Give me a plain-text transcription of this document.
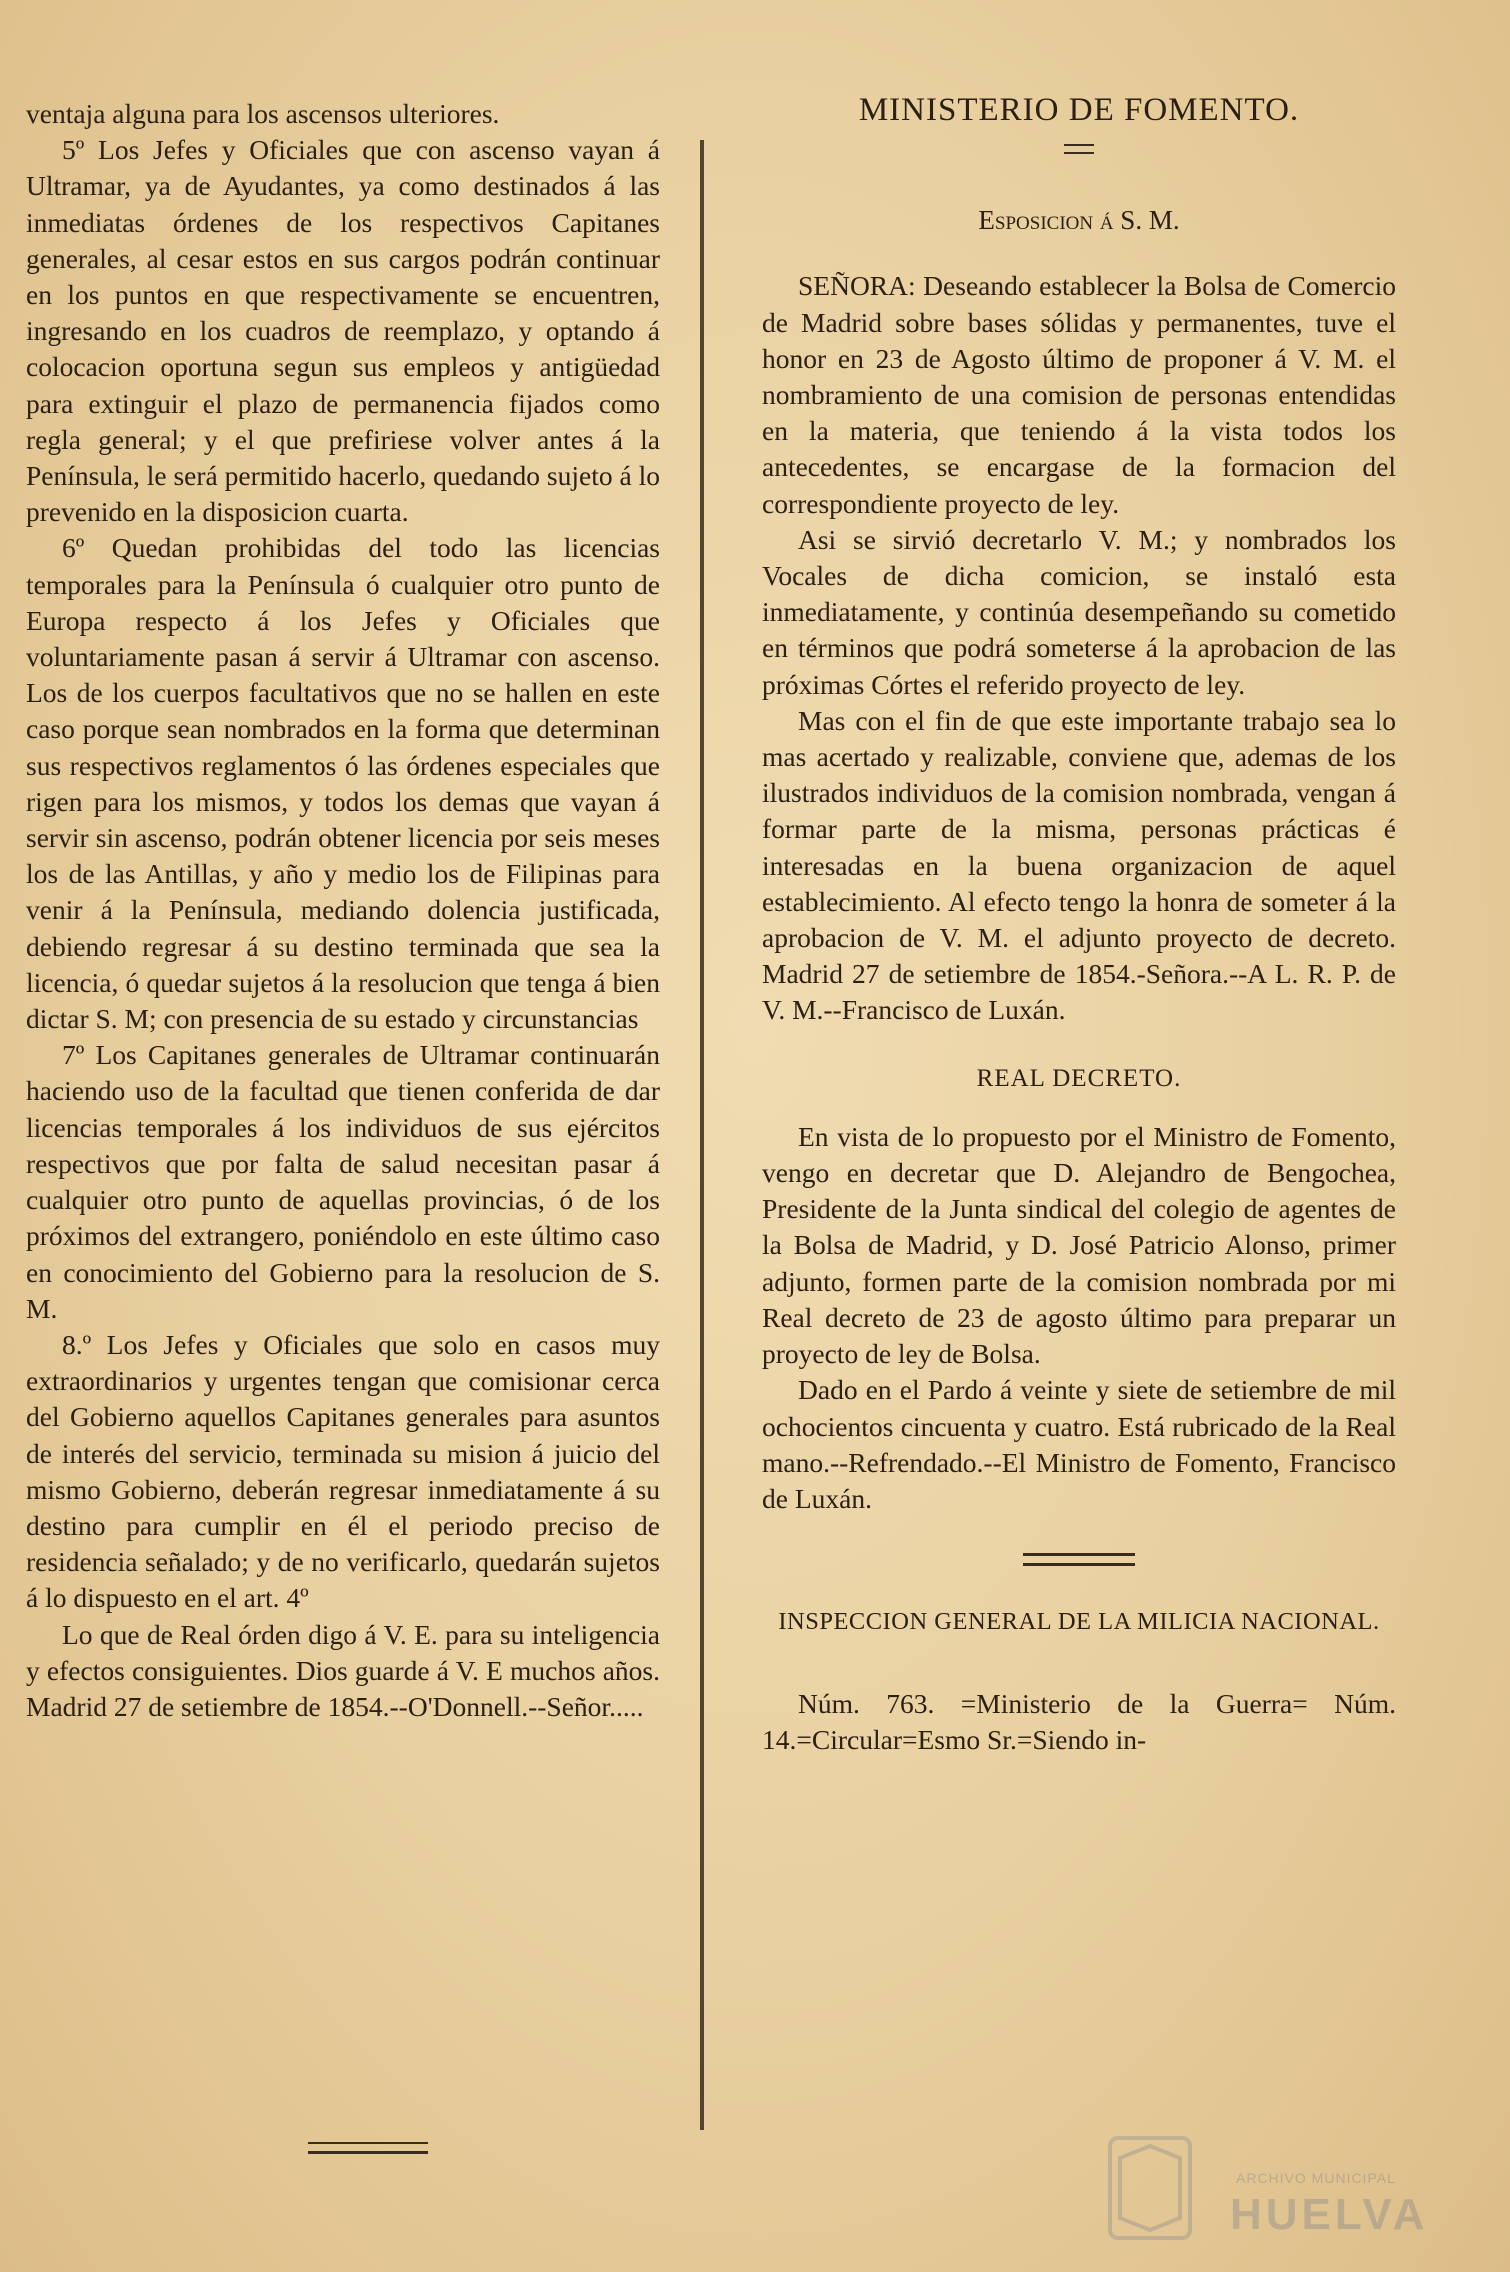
ventaja alguna para los ascensos ulteriores.

5º Los Jefes y Oficiales que con ascenso vayan á Ultramar, ya de Ayudantes, ya como destinados á las inmediatas órdenes de los respectivos Capitanes generales, al cesar estos en sus cargos podrán continuar en los puntos en que respectivamente se encuentren, ingresando en los cuadros de reemplazo, y optando á colocacion oportuna segun sus empleos y antigüedad para extinguir el plazo de permanencia fijados como regla general; y el que prefiriese volver antes á la Península, le será permitido hacerlo, quedando sujeto á lo prevenido en la disposicion cuarta.

6º Quedan prohibidas del todo las licencias temporales para la Península ó cualquier otro punto de Europa respecto á los Jefes y Oficiales que voluntariamente pasan á servir á Ultramar con ascenso. Los de los cuerpos facultativos que no se hallen en este caso porque sean nombrados en la forma que determinan sus respectivos reglamentos ó las órdenes especiales que rigen para los mismos, y todos los demas que vayan á servir sin ascenso, podrán obtener licencia por seis meses los de las Antillas, y año y medio los de Filipinas para venir á la Península, mediando dolencia justificada, debiendo regresar á su destino terminada que sea la licencia, ó quedar sujetos á la resolucion que tenga á bien dictar S. M; con presencia de su estado y circunstancias

7º Los Capitanes generales de Ultramar continuarán haciendo uso de la facultad que tienen conferida de dar licencias temporales á los individuos de sus ejércitos respectivos que por falta de salud necesitan pasar á cualquier otro punto de aquellas provincias, ó de los próximos del extrangero, poniéndolo en este último caso en conocimiento del Gobierno para la resolucion de S. M.

8.º Los Jefes y Oficiales que solo en casos muy extraordinarios y urgentes tengan que comisionar cerca del Gobierno aquellos Capitanes generales para asuntos de interés del servicio, terminada su mision á juicio del mismo Gobierno, deberán regresar inmediatamente á su destino para cumplir en él el periodo preciso de residencia señalado; y de no verificarlo, quedarán sujetos á lo dispuesto en el art. 4º

Lo que de Real órden digo á V. E. para su inteligencia y efectos consiguientes. Dios guarde á V. E muchos años. Madrid 27 de setiembre de 1854.--O'Donnell.--Señor.....

MINISTERIO DE FOMENTO.

Esposicion á S. M.

SEÑORA: Deseando establecer la Bolsa de Comercio de Madrid sobre bases sólidas y permanentes, tuve el honor en 23 de Agosto último de proponer á V. M. el nombramiento de una comision de personas entendidas en la materia, que teniendo á la vista todos los antecedentes, se encargase de la formacion del correspondiente proyecto de ley.

Asi se sirvió decretarlo V. M.; y nombrados los Vocales de dicha comicion, se instaló esta inmediatamente, y continúa desempeñando su cometido en términos que podrá someterse á la aprobacion de las próximas Córtes el referido proyecto de ley.

Mas con el fin de que este importante trabajo sea lo mas acertado y realizable, conviene que, ademas de los ilustrados individuos de la comision nombrada, vengan á formar parte de la misma, personas prácticas é interesadas en la buena organizacion de aquel establecimiento. Al efecto tengo la honra de someter á la aprobacion de V. M. el adjunto proyecto de decreto. Madrid 27 de setiembre de 1854.-Señora.--A L. R. P. de V. M.--Francisco de Luxán.

REAL DECRETO.

En vista de lo propuesto por el Ministro de Fomento, vengo en decretar que D. Alejandro de Bengochea, Presidente de la Junta sindical del colegio de agentes de la Bolsa de Madrid, y D. José Patricio Alonso, primer adjunto, formen parte de la comision nombrada por mi Real decreto de 23 de agosto último para preparar un proyecto de ley de Bolsa.

Dado en el Pardo á veinte y siete de setiembre de mil ochocientos cincuenta y cuatro. Está rubricado de la Real mano.--Refrendado.--El Ministro de Fomento, Francisco de Luxán.

INSPECCION GENERAL DE LA MILICIA NACIONAL.

Núm. 763. =Ministerio de la Guerra= Núm. 14.=Circular=Esmo Sr.=Siendo in-

ARCHIVO MUNICIPAL
HUELVA
